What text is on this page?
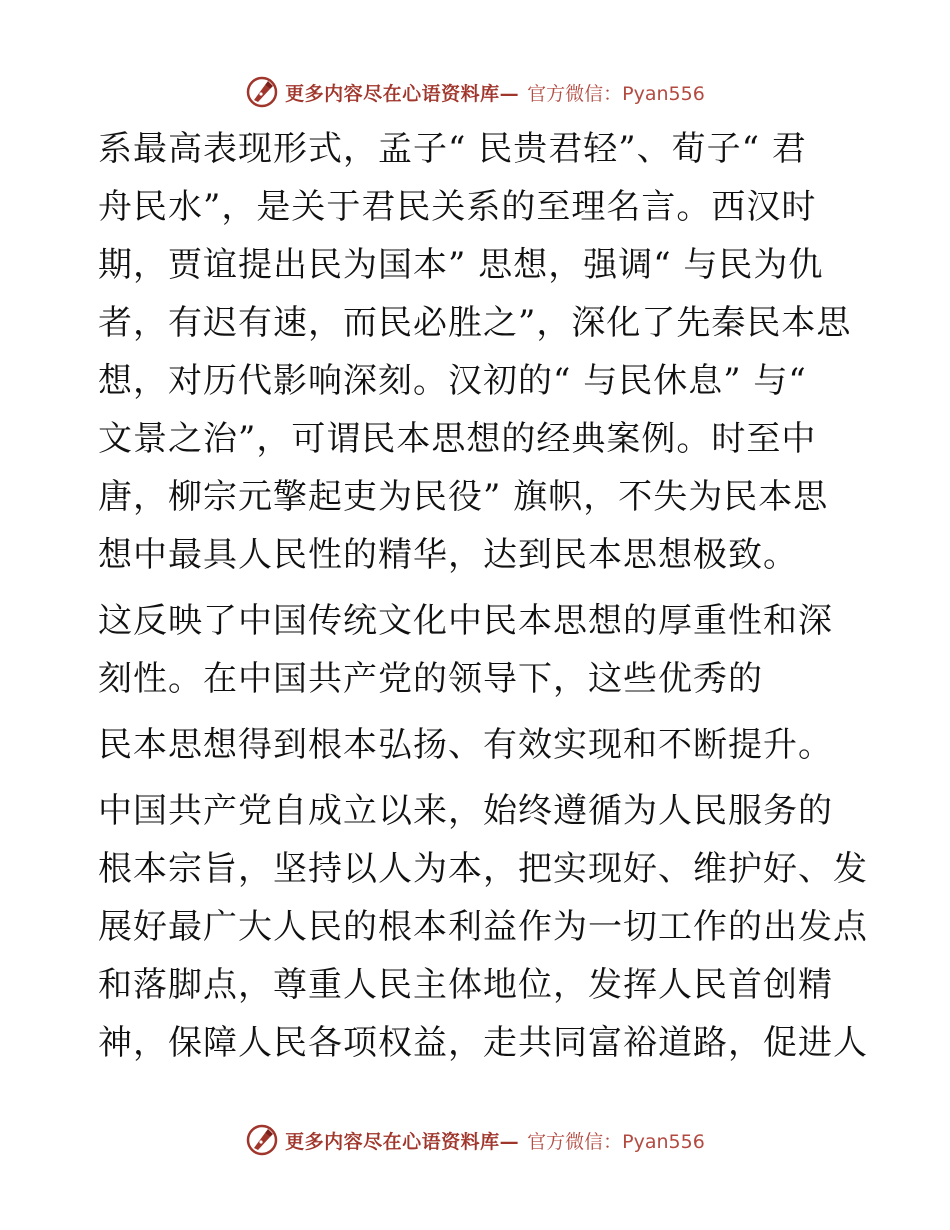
更多内容尽在心语资料库— 官方微信：Pyan556
系最高表现形式，孟子“ 民贵君轻”、荀子“ 君
舟民水”，是关于君民关系的至理名言。西汉时
期，贾谊提出民为国本” 思想，强调“ 与民为仇
者，有迟有速，而民必胜之”，深化了先秦民本思
想，对历代影响深刻。汉初的“ 与民休息” 与“
文景之治”，可谓民本思想的经典案例。时至中
唐，柳宗元擎起吏为民役” 旗帜，不失为民本思
想中最具人民性的精华，达到民本思想极致。
这反映了中国传统文化中民本思想的厚重性和深
刻性。在中国共产党的领导下，这些优秀的
民本思想得到根本弘扬、有效实现和不断提升。
中国共产党自成立以来，始终遵循为人民服务的
根本宗旨，坚持以人为本，把实现好、维护好、发
展好最广大人民的根本利益作为一切工作的出发点
和落脚点，尊重人民主体地位，发挥人民首创精
神，保障人民各项权益，走共同富裕道路，促进人
更多内容尽在心语资料库— 官方微信：Pyan556
